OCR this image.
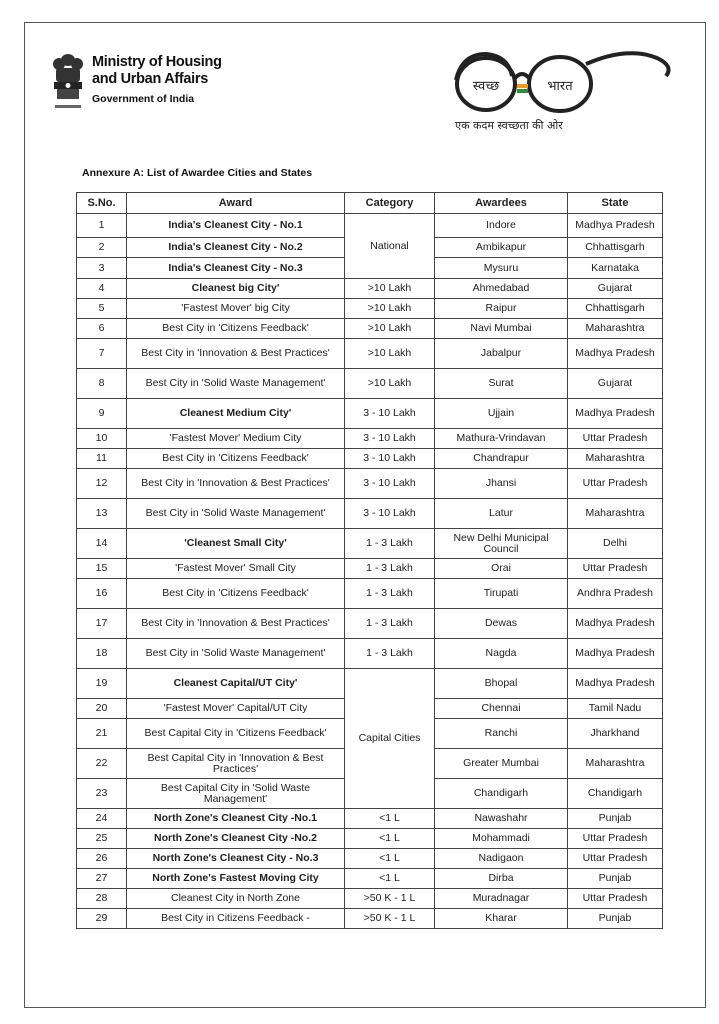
Ministry of Housing
and Urban Affairs
Government of India
स्वच्छ	भारत
एक कदम स्वच्छता की ओर
Annexure A: List of Awardee Cities and States
S.No.	Award	Category	Awardees	State
1	India's Cleanest City - No.1	National	Indore	Madhya Pradesh
2	India's Cleanest City - No.2		Ambikapur	Chhattisgarh
3	India's Cleanest City - No.3		Mysuru	Karnataka
4	Cleanest big City'	>10 Lakh	Ahmedabad	Gujarat
5	'Fastest Mover' big City	>10 Lakh	Raipur	Chhattisgarh
6	Best City in 'Citizens Feedback'	>10 Lakh	Navi Mumbai	Maharashtra
7	Best City in 'Innovation & Best Practices'	>10 Lakh	Jabalpur	Madhya Pradesh
8	Best City in 'Solid Waste Management'	>10 Lakh	Surat	Gujarat
9	Cleanest Medium City'	3 - 10 Lakh	Ujjain	Madhya Pradesh
10	'Fastest Mover' Medium City	3 - 10 Lakh	Mathura-Vrindavan	Uttar Pradesh
11	Best City in 'Citizens Feedback'	3 - 10 Lakh	Chandrapur	Maharashtra
12	Best City in 'Innovation & Best Practices'	3 - 10 Lakh	Jhansi	Uttar Pradesh
13	Best City in 'Solid Waste Management'	3 - 10 Lakh	Latur	Maharashtra
14	'Cleanest Small City'	1 - 3 Lakh	New Delhi Municipal Council	Delhi
15	'Fastest Mover' Small City	1 - 3 Lakh	Orai	Uttar Pradesh
16	Best City in 'Citizens Feedback'	1 - 3 Lakh	Tirupati	Andhra Pradesh
17	Best City in 'Innovation & Best Practices'	1 - 3 Lakh	Dewas	Madhya Pradesh
18	Best City in 'Solid Waste Management'	1 - 3 Lakh	Nagda	Madhya Pradesh
19	Cleanest Capital/UT City'	Capital Cities	Bhopal	Madhya Pradesh
20	'Fastest Mover' Capital/UT City		Chennai	Tamil Nadu
21	Best Capital City in 'Citizens Feedback'		Ranchi	Jharkhand
22	Best Capital City in 'Innovation & Best Practices'		Greater Mumbai	Maharashtra
23	Best Capital City in 'Solid Waste Management'		Chandigarh	Chandigarh
24	North Zone's Cleanest City -No.1	<1 L	Nawashahr	Punjab
25	North Zone's Cleanest City -No.2	<1 L	Mohammadi	Uttar Pradesh
26	North Zone's Cleanest City - No.3	<1 L	Nadigaon	Uttar Pradesh
27	North Zone's Fastest Moving City	<1 L	Dirba	Punjab
28	Cleanest City in North Zone	>50 K - 1 L	Muradnagar	Uttar Pradesh
29	Best City in Citizens Feedback -	>50 K - 1 L	Kharar	Punjab
